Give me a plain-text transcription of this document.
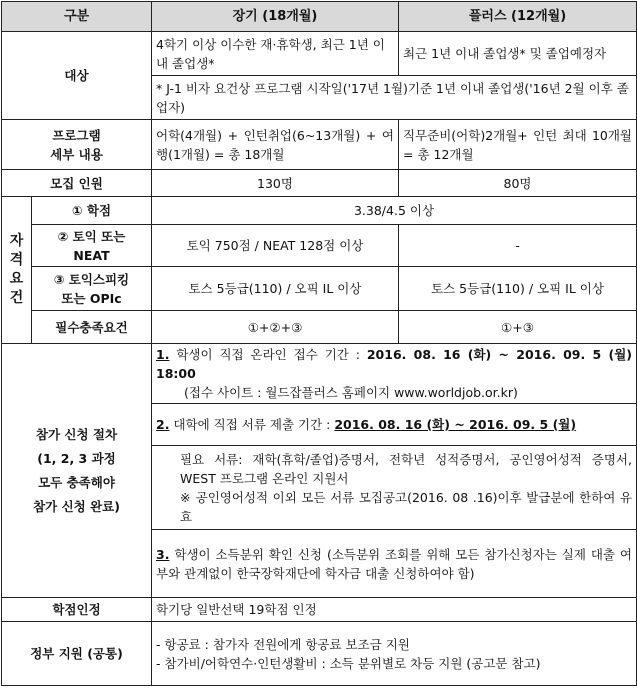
구분		장기 (18개월)	플러스 (12개월)
대상		4학기 이상 이수한 재·휴학생, 최근 1년 이내 졸업생*	최근 1년 이내 졸업생* 및 졸업예정자
		* J-1 비자 요건상 프로그램 시작일('17년 1월)기준 1년 이내 졸업생('16년 2월 이후 졸업자)	

프로그램
세부 내용		어학(4개월) + 인턴취업(6~13개월) + 여행(1개월) = 총 18개월	직무준비(어학)2개월+ 인턴 최대 10개월 = 총 12개월
모집 인원		130명	80명

자
격
요
건	① 학점	3.38/4.5 이상	

	② 토익 또는
NEAT	토익 750점 / NEAT 128점 이상	-

	③ 토익스피킹
또는 OPIc	토스 5등급(110) / 오픽 IL 이상	토스 5등급(110) / 오픽 IL 이상
	필수충족요건	①+②+③	①+③

참가 신청 절차
(1, 2, 3 과정
모두 충족해야
참가 신청 완료)		1. 학생이 직접 온라인 접수 기간 : 2016. 08. 16 (화) ~ 2016. 09. 5 (월) 18:00
(접수 사이트 : 월드잡플러스 홈페이지 www.worldjob.or.kr)	

		2. 대학에 직접 서류 제출 기간 : 2016. 08. 16 (화) ~ 2016. 09. 5 (월)	

		필요 서류: 재학(휴학/졸업)증명서, 전학년 성적증명서, 공인영어성적 증명서, WEST 프로그램 온라인 지원서
※ 공인영어성적 이외 모든 서류 모집공고(2016. 08 .16)이후 발급분에 한하여 유효	

		3. 학생이 소득분위 확인 신청 (소득분위 조회를 위해 모든 참가신청자는 실제 대출 여부와 관계없이 한국장학재단에 학자금 대출 신청하여야 함)	
학점인정		학기당 일반선택 19학점 인정	
정부 지원 (공통)		- 항공료 : 참가자 전원에게 항공료 보조금 지원
- 참가비/어학연수·인턴생활비 : 소득 분위별로 차등 지원 (공고문 참고)	
